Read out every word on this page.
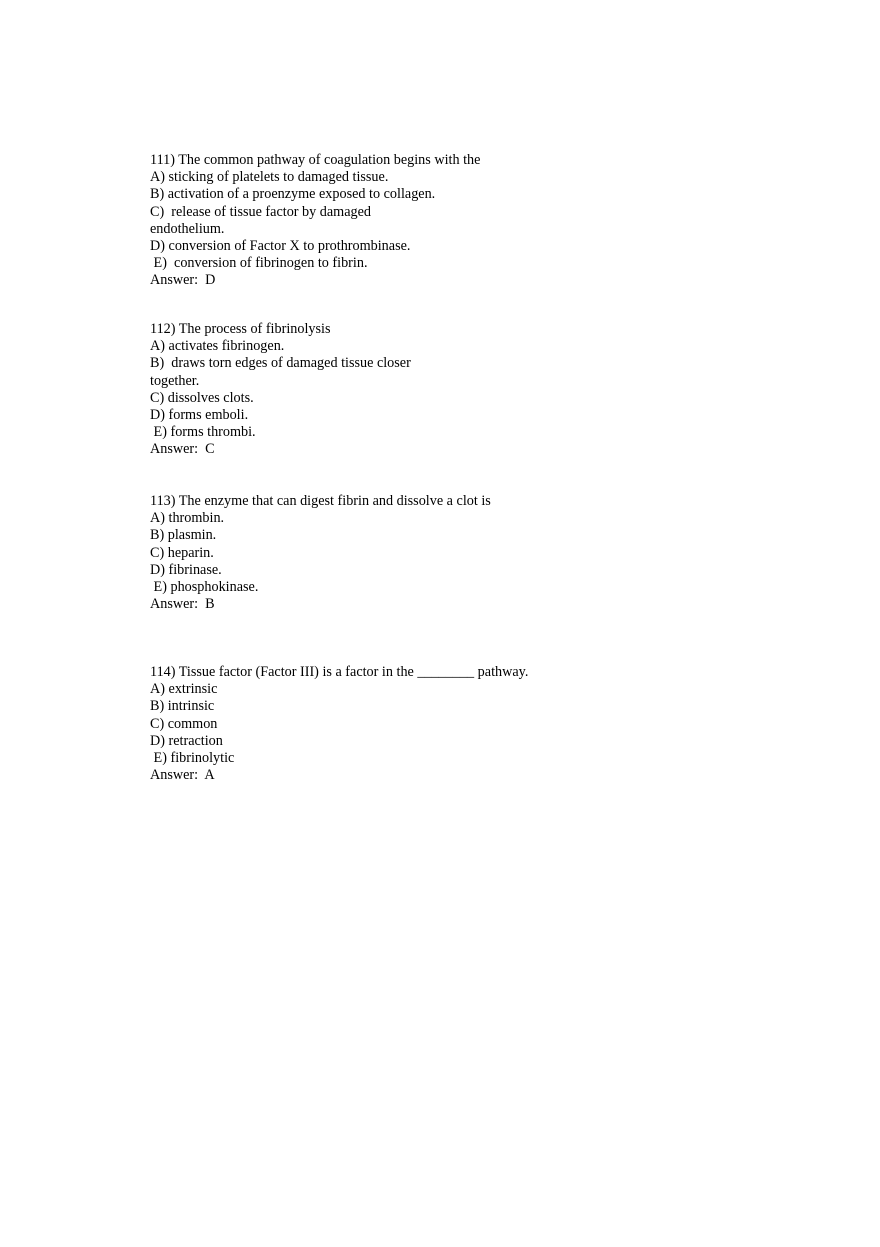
111) The common pathway of coagulation begins with the
A) sticking of platelets to damaged tissue.
B) activation of a proenzyme exposed to collagen.
C)  release of tissue factor by damaged
endothelium.
D) conversion of Factor X to prothrombinase.
E)  conversion of fibrinogen to fibrin.
Answer:  D
112) The process of fibrinolysis
A) activates fibrinogen.
B)  draws torn edges of damaged tissue closer
together.
C) dissolves clots.
D) forms emboli.
E) forms thrombi.
Answer:  C
113) The enzyme that can digest fibrin and dissolve a clot is
A) thrombin.
B) plasmin.
C) heparin.
D) fibrinase.
E) phosphokinase.
Answer:  B
114) Tissue factor (Factor III) is a factor in the ________ pathway.
A) extrinsic
B) intrinsic
C) common
D) retraction
E) fibrinolytic
Answer:  A
